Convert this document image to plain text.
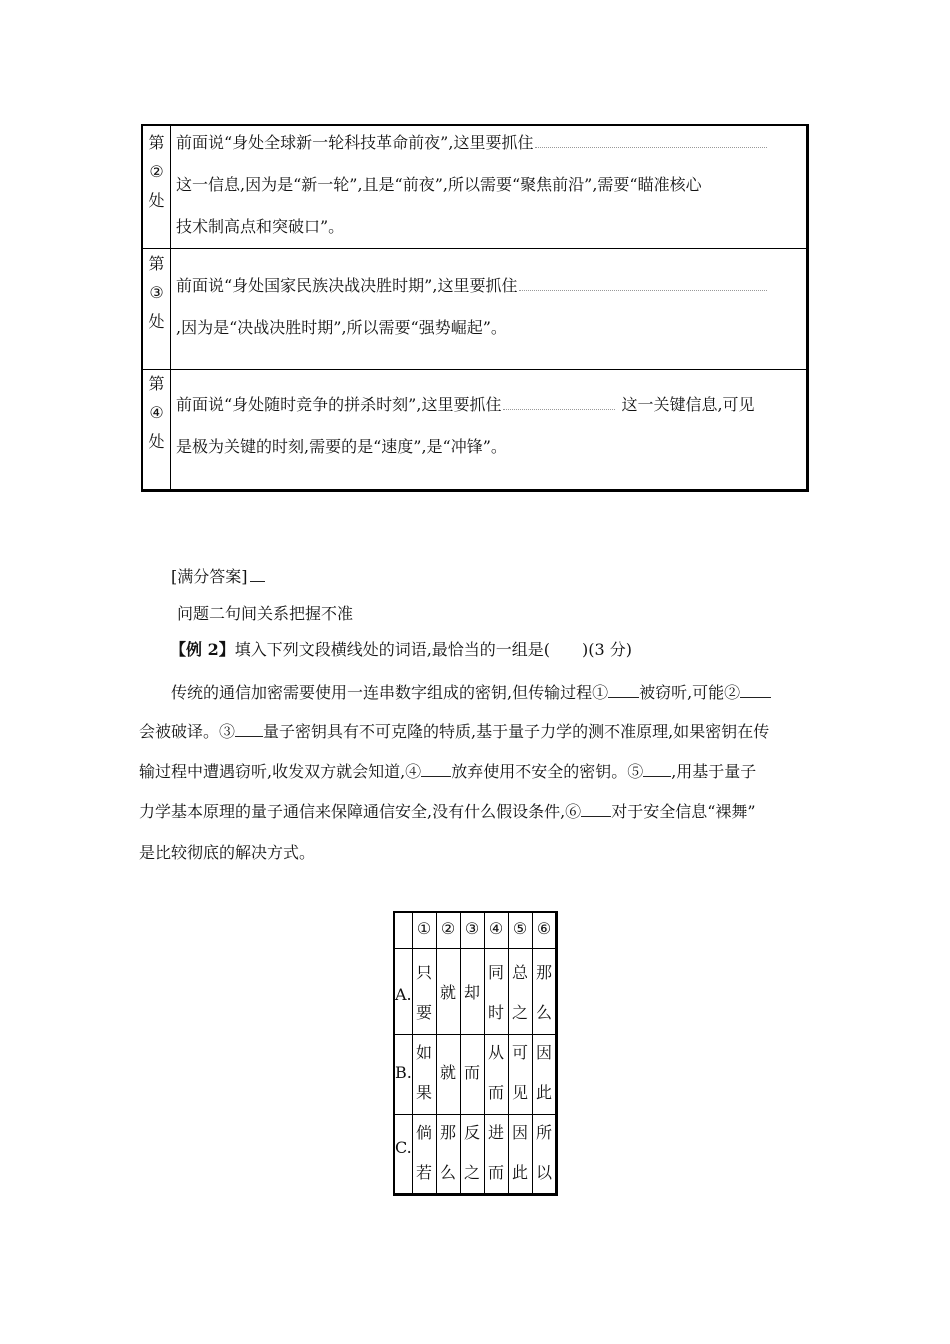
第
②
处
前面说“身处全球新一轮科技革命前夜”,这里要抓住
这一信息,因为是“新一轮”,且是“前夜”,所以需要“聚焦前沿”,需要“瞄准核心
技术制高点和突破口”。
第
③
处

前面说“身处国家民族决战决胜时期”,这里要抓住
,因为是“决战决胜时期”,所以需要“强势崛起”。
第
④
处

前面说“身处随时竞争的拼杀时刻”,这里要抓住	这一关键信息,可见
是极为关键的时刻,需要的是“速度”,是“冲锋”。
[满分答案]
问题二句间关系把握不准
【例 2】填入下列文段横线处的词语,最恰当的一组是(　　)(3 分)
传统的通信加密需要使用一连串数字组成的密钥,但传输过程① 被窃听,可能②
会被破译。③ 量子密钥具有不可克隆的特质,基于量子力学的测不准原理,如果密钥在传
输过程中遭遇窃听,收发双方就会知道,④ 放弃使用不安全的密钥。⑤ ,用基于量子
力学基本原理的量子通信来保障通信安全,没有什么假设条件,⑥ 对于安全信息“裸舞”
是比较彻底的解决方式。
① ② ③ ④ ⑤ ⑥
A.
只
要
就 却
同
时
总
之
那
么
B.
如
果
就 而
从
而
可
见
因
此
C.
倘
若
那
么
反
之
进
而
因
此
所
以
